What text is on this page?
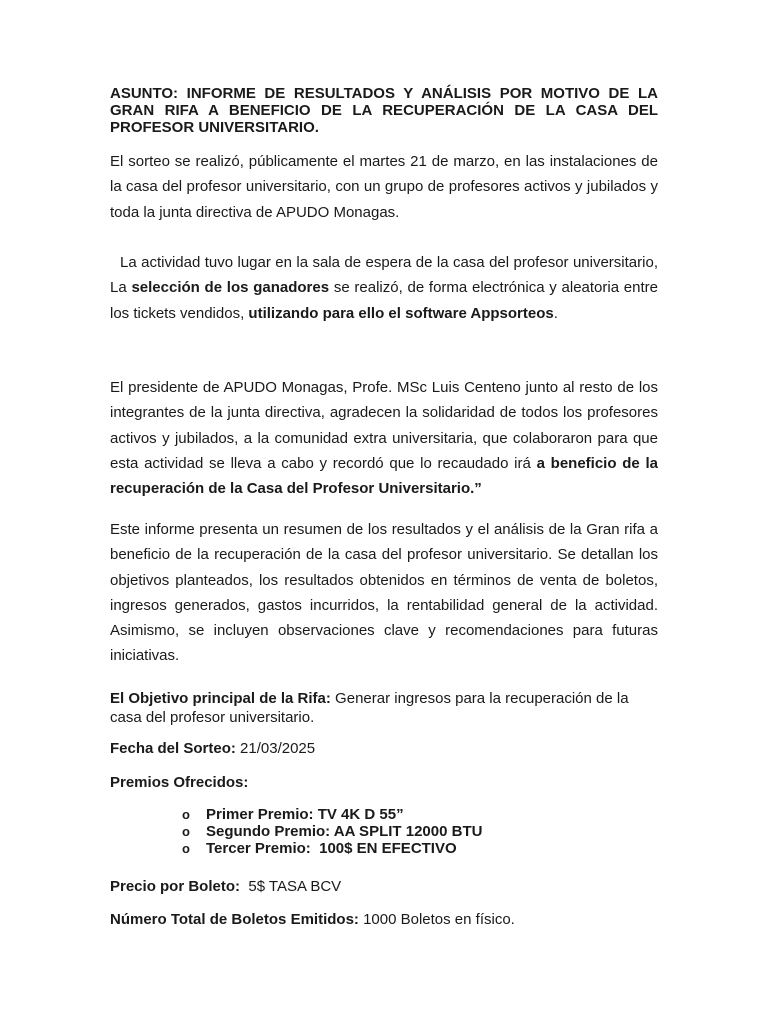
ASUNTO: INFORME DE RESULTADOS Y ANÁLISIS POR MOTIVO DE LA GRAN RIFA A BENEFICIO DE LA RECUPERACIÓN DE LA CASA DEL PROFESOR UNIVERSITARIO.

El sorteo se realizó, públicamente el martes 21 de marzo, en las instalaciones de la casa del profesor universitario, con un grupo de profesores activos y jubilados y toda la junta directiva de APUDO Monagas.

La actividad tuvo lugar en la sala de espera de la casa del profesor universitario, La selección de los ganadores se realizó, de forma electrónica y aleatoria entre los tickets vendidos, utilizando para ello el software Appsorteos.

El presidente de APUDO Monagas, Profe. MSc Luis Centeno junto al resto de los integrantes de la junta directiva, agradecen la solidaridad de todos los profesores activos y jubilados, a la comunidad extra universitaria, que colaboraron para que esta actividad se lleva a cabo y recordó que lo recaudado irá a beneficio de la recuperación de la Casa del Profesor Universitario.”

Este informe presenta un resumen de los resultados y el análisis de la Gran rifa a beneficio de la recuperación de la casa del profesor universitario. Se detallan los objetivos planteados, los resultados obtenidos en términos de venta de boletos, ingresos generados, gastos incurridos, la rentabilidad general de la actividad. Asimismo, se incluyen observaciones clave y recomendaciones para futuras iniciativas.

El Objetivo principal de la Rifa: Generar ingresos para la recuperación de la casa del profesor universitario.

Fecha del Sorteo: 21/03/2025

Premios Ofrecidos:

o Primer Premio: TV 4K D 55”
o Segundo Premio: AA SPLIT 12000 BTU
o Tercer Premio:  100$ EN EFECTIVO

Precio por Boleto:  5$ TASA BCV

Número Total de Boletos Emitidos: 1000 Boletos en físico.
